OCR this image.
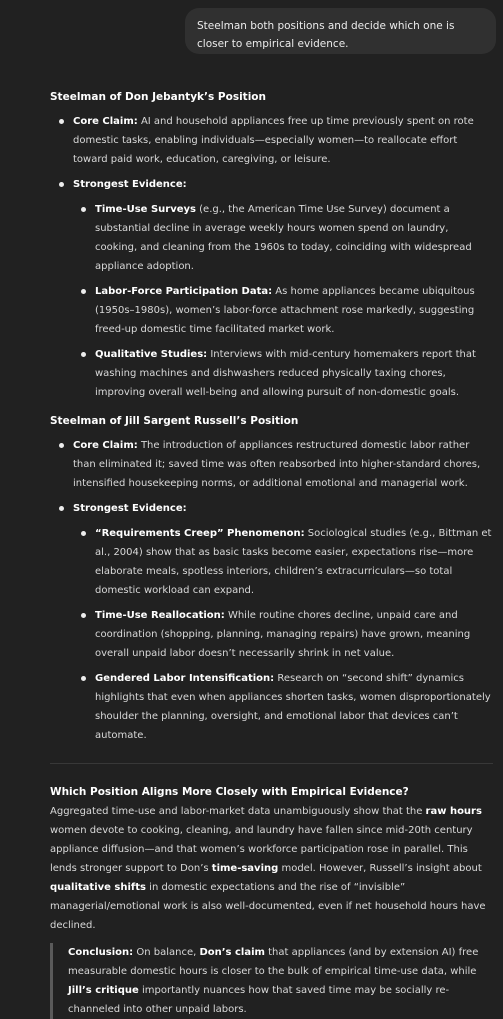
Steelman both positions and decide which one is closer to empirical evidence.
Steelman of Don Jebantyk’s Position
Core Claim: AI and household appliances free up time previously spent on rote domestic tasks, enabling individuals—especially women—to reallocate effort toward paid work, education, caregiving, or leisure.
Strongest Evidence:
Time-Use Surveys (e.g., the American Time Use Survey) document a substantial decline in average weekly hours women spend on laundry, cooking, and cleaning from the 1960s to today, coinciding with widespread appliance adoption.
Labor-Force Participation Data: As home appliances became ubiquitous (1950s–1980s), women’s labor-force attachment rose markedly, suggesting freed-up domestic time facilitated market work.
Qualitative Studies: Interviews with mid-century homemakers report that washing machines and dishwashers reduced physically taxing chores, improving overall well-being and allowing pursuit of non-domestic goals.
Steelman of Jill Sargent Russell’s Position
Core Claim: The introduction of appliances restructured domestic labor rather than eliminated it; saved time was often reabsorbed into higher-standard chores, intensified housekeeping norms, or additional emotional and managerial work.
Strongest Evidence:
“Requirements Creep” Phenomenon: Sociological studies (e.g., Bittman et al., 2004) show that as basic tasks become easier, expectations rise—more elaborate meals, spotless interiors, children’s extracurriculars—so total domestic workload can expand.
Time-Use Reallocation: While routine chores decline, unpaid care and coordination (shopping, planning, managing repairs) have grown, meaning overall unpaid labor doesn’t necessarily shrink in net value.
Gendered Labor Intensification: Research on “second shift” dynamics highlights that even when appliances shorten tasks, women disproportionately shoulder the planning, oversight, and emotional labor that devices can’t automate.
Which Position Aligns More Closely with Empirical Evidence?
Aggregated time-use and labor-market data unambiguously show that the raw hours women devote to cooking, cleaning, and laundry have fallen since mid-20th century appliance diffusion—and that women’s workforce participation rose in parallel. This lends stronger support to Don’s time-saving model. However, Russell’s insight about qualitative shifts in domestic expectations and the rise of “invisible” managerial/emotional work is also well-documented, even if net household hours have declined.
Conclusion: On balance, Don’s claim that appliances (and by extension AI) free measurable domestic hours is closer to the bulk of empirical time-use data, while Jill’s critique importantly nuances how that saved time may be socially re-channeled into other unpaid labors.
